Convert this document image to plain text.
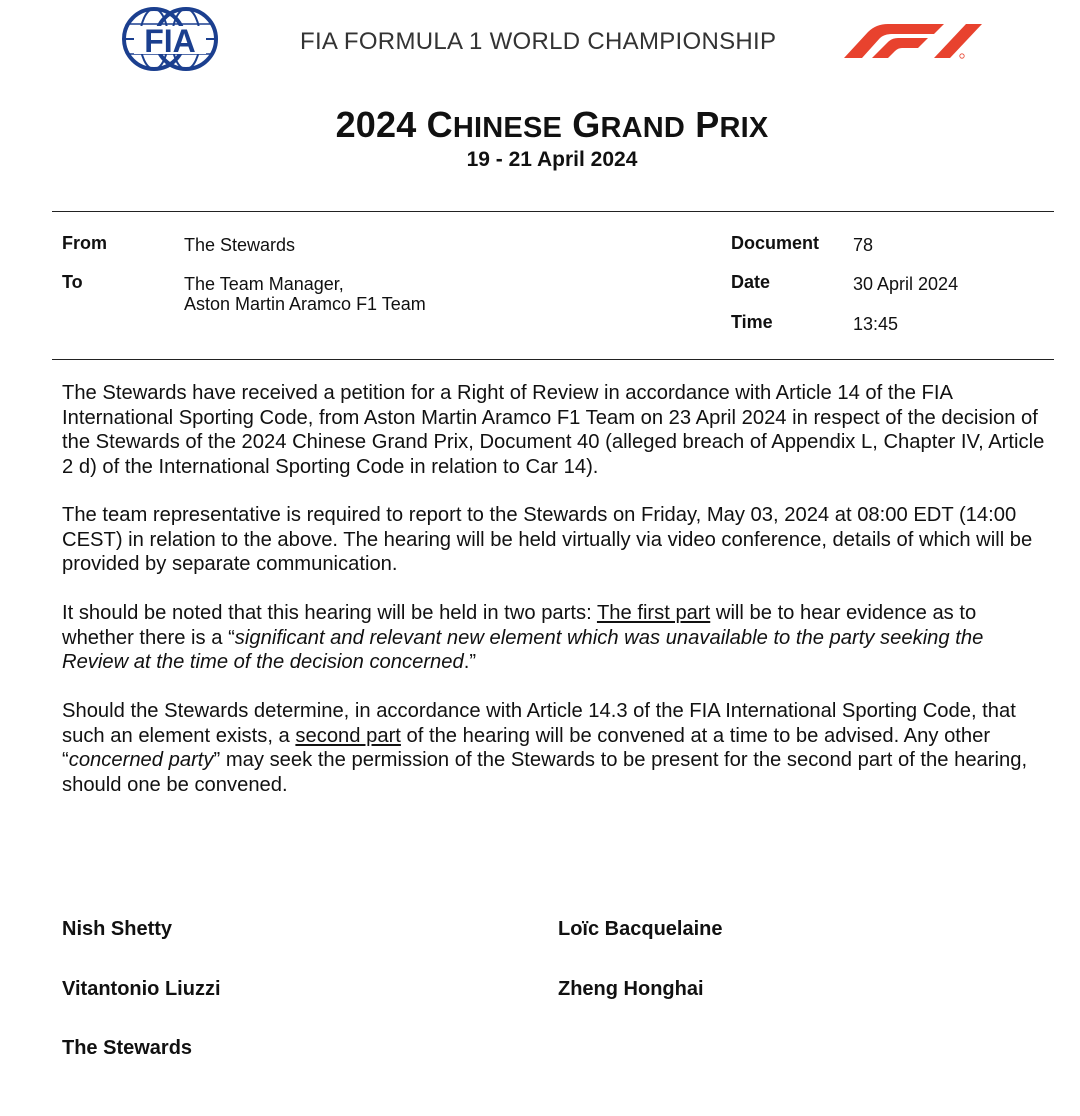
FIA	FIA FORMULA 1 WORLD CHAMPIONSHIP
2024 CHINESE GRAND PRIX
19 - 21 April 2024
From	The Stewards
To	The Team Manager,
Aston Martin Aramco F1 Team
Document 78
Date	30 April 2024
Time	13:45

The Stewards have received a petition for a Right of Review in accordance with Article 14 of the FIA International Sporting Code, from Aston Martin Aramco F1 Team on 23 April 2024 in respect of the decision of the Stewards of the 2024 Chinese Grand Prix, Document 40 (alleged breach of Appendix L, Chapter IV, Article 2 d) of the International Sporting Code in relation to Car 14).

The team representative is required to report to the Stewards on Friday, May 03, 2024 at 08:00 EDT (14:00 CEST) in relation to the above. The hearing will be held virtually via video conference, details of which will be provided by separate communication.

It should be noted that this hearing will be held in two parts: The first part will be to hear evidence as to whether there is a “significant and relevant new element which was unavailable to the party seeking the Review at the time of the decision concerned.”

Should the Stewards determine, in accordance with Article 14.3 of the FIA International Sporting Code, that such an element exists, a second part of the hearing will be convened at a time to be advised. Any other “concerned party” may seek the permission of the Stewards to be present for the second part of the hearing, should one be convened.

Nish Shetty	Loïc Bacquelaine
Vitantonio Liuzzi	Zheng Honghai
The Stewards
